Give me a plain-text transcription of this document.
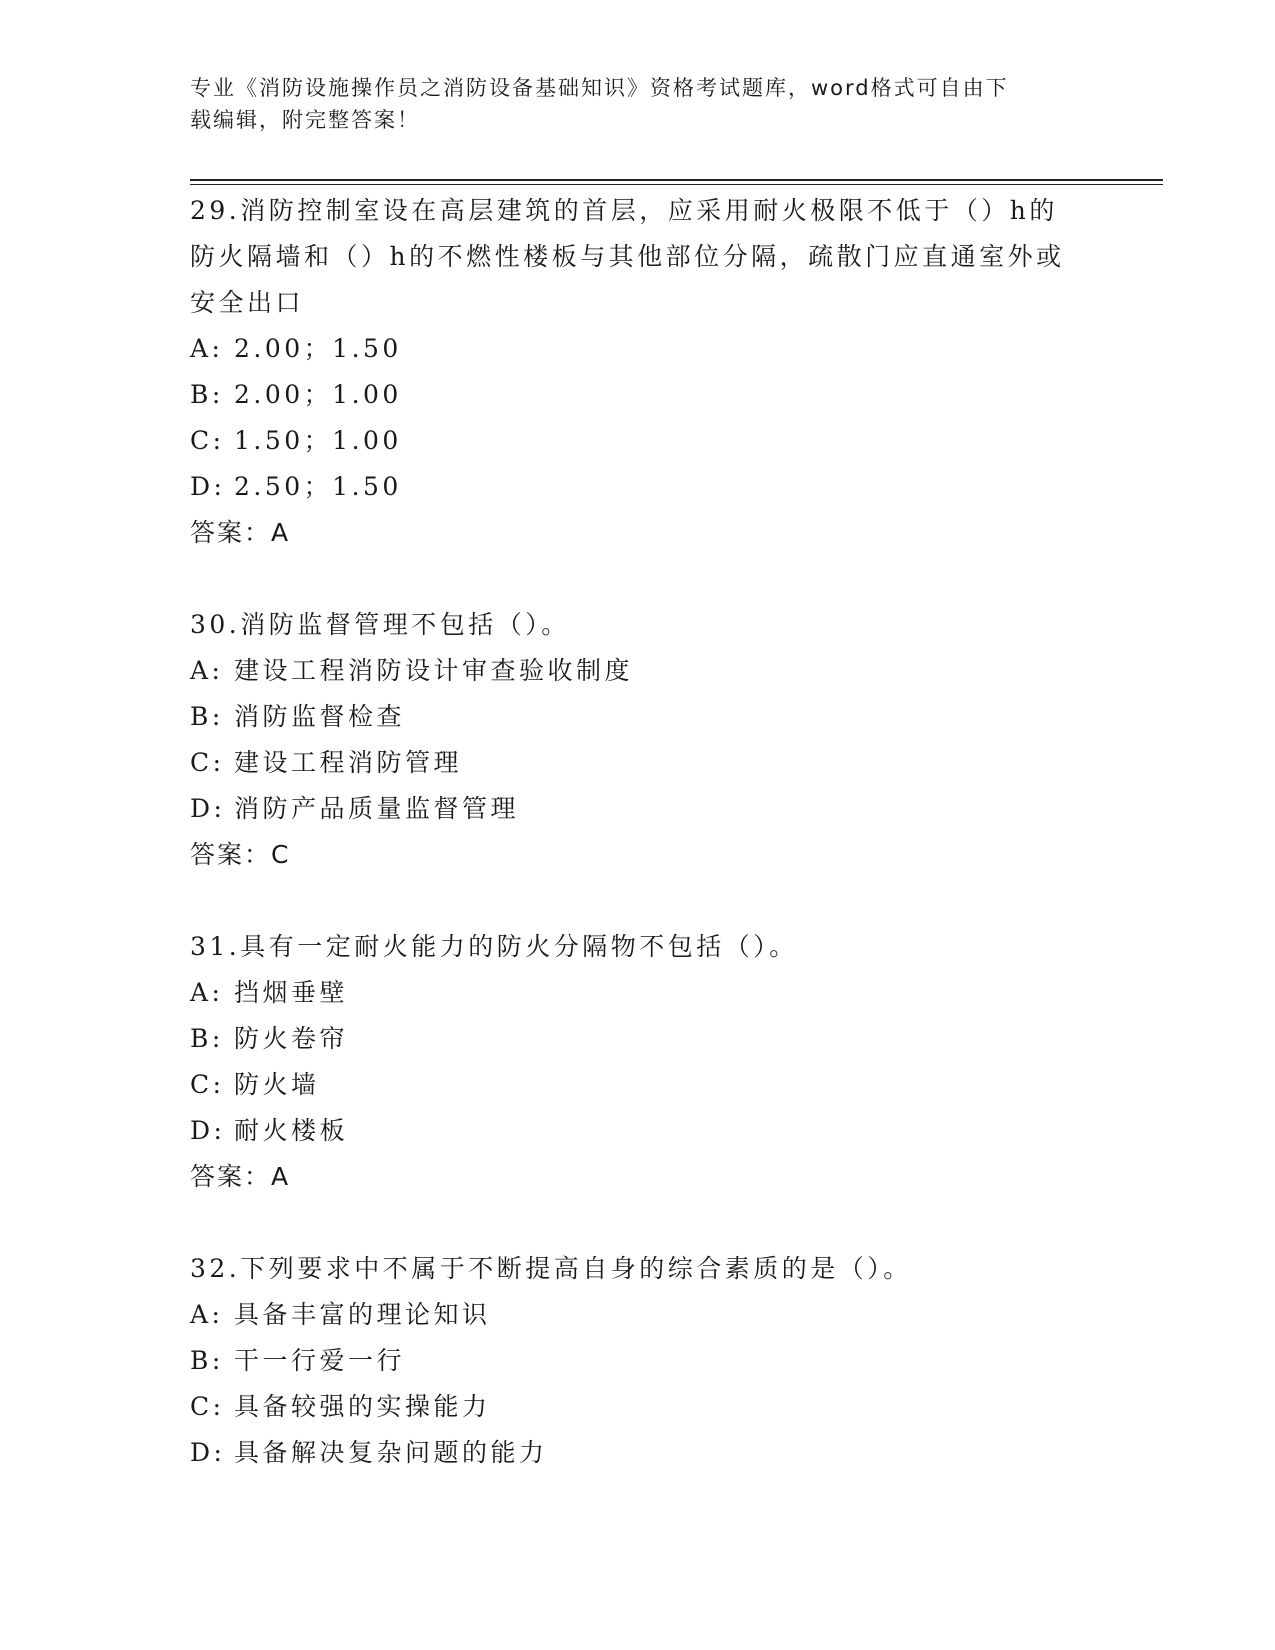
专业《消防设施操作员之消防设备基础知识》资格考试题库，word格式可自由下
载编辑，附完整答案！

29.消防控制室设在高层建筑的首层，应采用耐火极限不低于（）h的

防火隔墙和（）h的不燃性楼板与其他部位分隔，疏散门应直通室外或

安全出口

A: 2.00；1.50

B: 2.00；1.00

C: 1.50；1.00

D: 2.50；1.50

答案：A

30.消防监督管理不包括（）。

A: 建设工程消防设计审查验收制度

B: 消防监督检查

C: 建设工程消防管理

D: 消防产品质量监督管理

答案：C

31.具有一定耐火能力的防火分隔物不包括（）。

A: 挡烟垂壁

B: 防火卷帘

C: 防火墙

D: 耐火楼板

答案：A

32.下列要求中不属于不断提高自身的综合素质的是（）。

A: 具备丰富的理论知识

B: 干一行爱一行

C: 具备较强的实操能力

D: 具备解决复杂问题的能力
